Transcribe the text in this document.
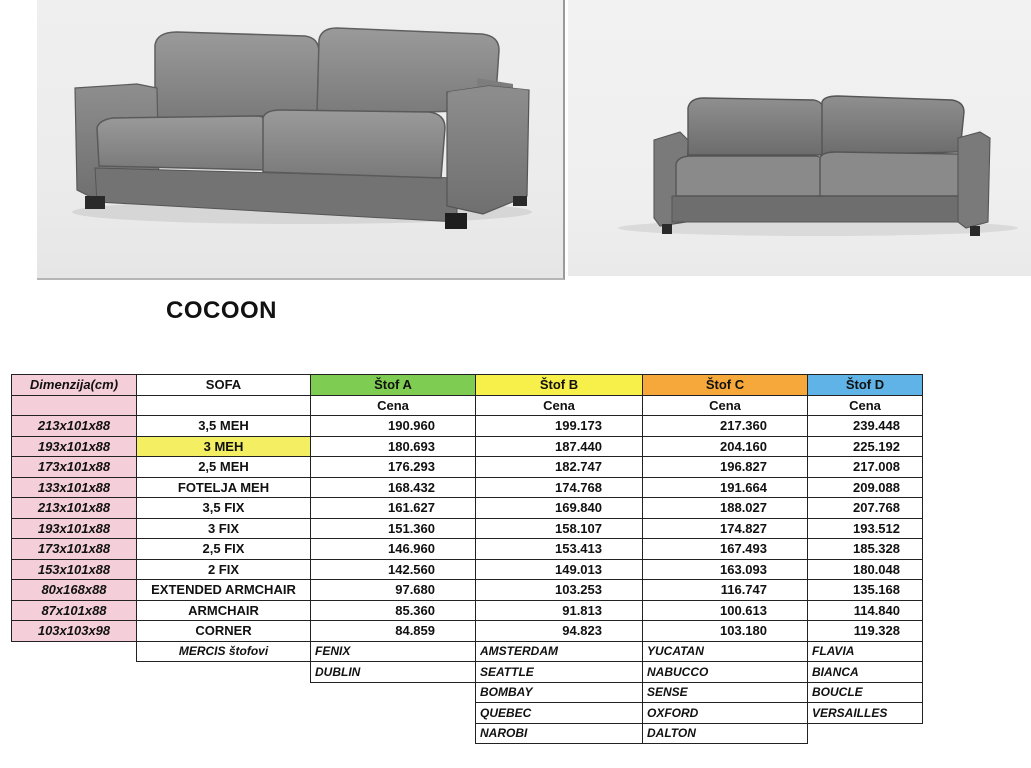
COCOON
Dimenzija(cm)	SOFA	Štof A	Štof B	Štof C	Štof D
		Cena	Cena	Cena	Cena
213x101x88	3,5 MEH	190.960	199.173	217.360	239.448
193x101x88	3 MEH	180.693	187.440	204.160	225.192
173x101x88	2,5 MEH	176.293	182.747	196.827	217.008
133x101x88	FOTELJA MEH	168.432	174.768	191.664	209.088
213x101x88	3,5 FIX	161.627	169.840	188.027	207.768
193x101x88	3 FIX	151.360	158.107	174.827	193.512
173x101x88	2,5 FIX	146.960	153.413	167.493	185.328
153x101x88	2 FIX	142.560	149.013	163.093	180.048
80x168x88	EXTENDED ARMCHAIR	97.680	103.253	116.747	135.168
87x101x88	ARMCHAIR	85.360	91.813	100.613	114.840
103x103x98	CORNER	84.859	94.823	103.180	119.328
	MERCIS štofovi	FENIX	AMSTERDAM	YUCATAN	FLAVIA
		DUBLIN	SEATTLE	NABUCCO	BIANCA
			BOMBAY	SENSE	BOUCLE
			QUEBEC	OXFORD	VERSAILLES
			NAROBI	DALTON	
